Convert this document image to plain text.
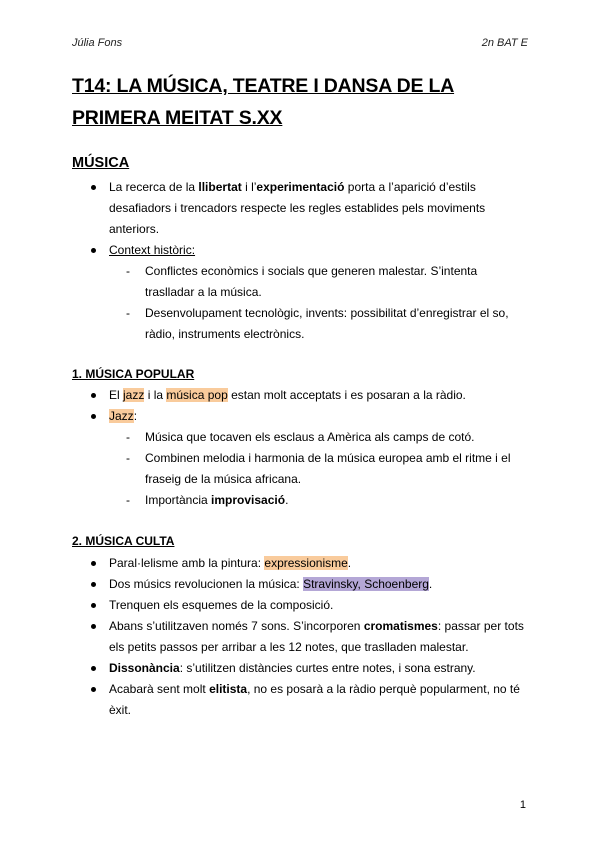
Júlia Fons	2n BAT E
T14: LA MÚSICA, TEATRE I DANSA DE LA PRIMERA MEITAT S.XX
MÚSICA
La recerca de la llibertat i l’experimentació porta a l’aparició d’estils desafiadors i trencadors respecte les regles establides pels moviments anteriors.
Context històric:
- Conflictes econòmics i socials que generen malestar. S’intenta traslladar a la música.
- Desenvolupament tecnològic, invents: possibilitat d’enregistrar el so, ràdio, instruments electrònics.
1. MÚSICA POPULAR
El jazz i la música pop estan molt acceptats i es posaran a la ràdio.
Jazz:
- Música que tocaven els esclaus a Amèrica als camps de cotó.
- Combinen melodia i harmonia de la música europea amb el ritme i el fraseig de la música africana.
- Importància improvisació.
2. MÚSICA CULTA
Paral·lelisme amb la pintura: expressionisme.
Dos músics revolucionen la música: Stravinsky, Schoenberg.
Trenquen els esquemes de la composició.
Abans s’utilitzaven només 7 sons. S’incorporen cromatismes: passar per tots els petits passos per arribar a les 12 notes, que traslladen malestar.
Dissonància: s’utilitzen distàncies curtes entre notes, i sona estrany.
Acabarà sent molt elitista, no es posarà a la ràdio perquè popularment, no té èxit.
1
